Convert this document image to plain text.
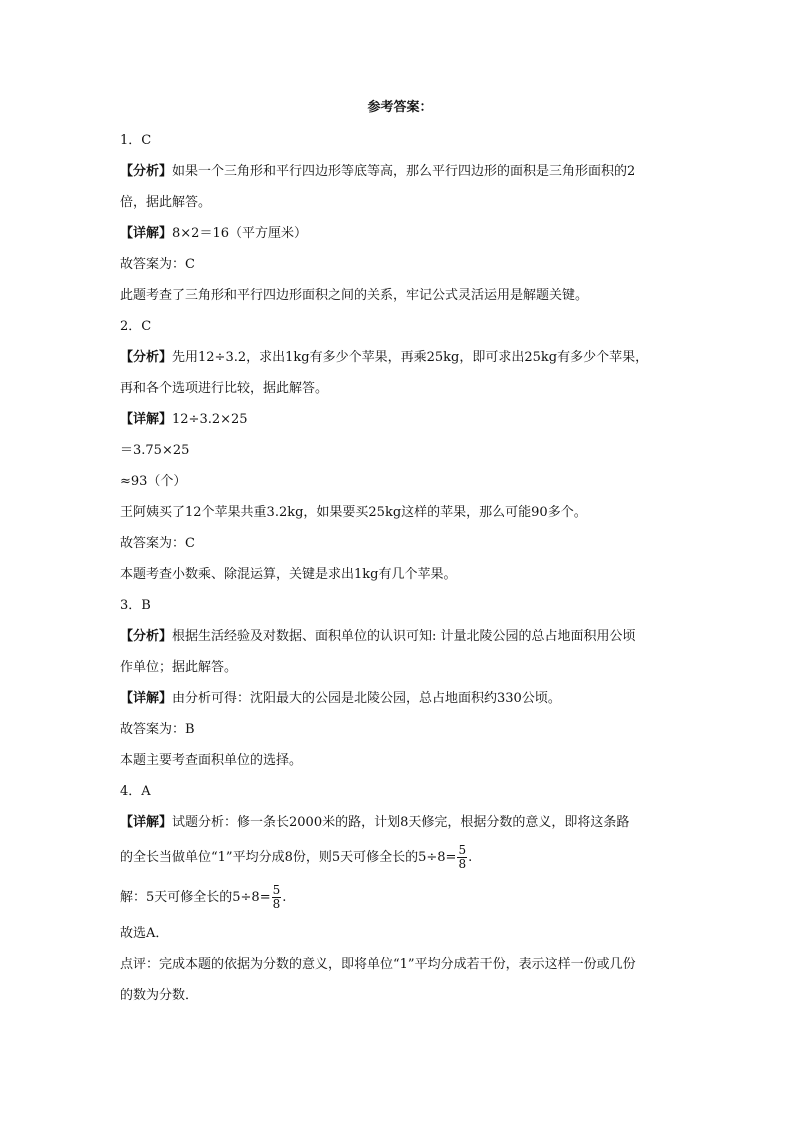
参考答案：
1．C
【分析】如果一个三角形和平行四边形等底等高，那么平行四边形的面积是三角形面积的2
倍，据此解答。
【详解】8×2＝16（平方厘米）
故答案为：C
此题考查了三角形和平行四边形面积之间的关系，牢记公式灵活运用是解题关键。
2．C
【分析】先用12÷3.2，求出1kg有多少个苹果，再乘25kg，即可求出25kg有多少个苹果，
再和各个选项进行比较，据此解答。
【详解】12÷3.2×25
＝3.75×25
≈93（个）
王阿姨买了12个苹果共重3.2kg，如果要买25kg这样的苹果，那么可能90多个。
故答案为：C
本题考查小数乘、除混运算，关键是求出1kg有几个苹果。
3．B
【分析】根据生活经验及对数据、面积单位的认识可知: 计量北陵公园的总占地面积用公顷
作单位；据此解答。
【详解】由分析可得：沈阳最大的公园是北陵公园，总占地面积约330公顷。
故答案为：B
本题主要考查面积单位的选择。
4．A
【详解】试题分析：修一条长2000米的路，计划8天修完，根据分数的意义，即将这条路
的全长当做单位“1”平均分成8份，则5天可修全长的$5\div 8= \frac{5}{8}$ .
解：5天可修全长的$5\div 8= \frac{5}{8}$ .
故选A．
点评：完成本题的依据为分数的意义，即将单位“1”平均分成若干份，表示这样一份或几份
的数为分数．
